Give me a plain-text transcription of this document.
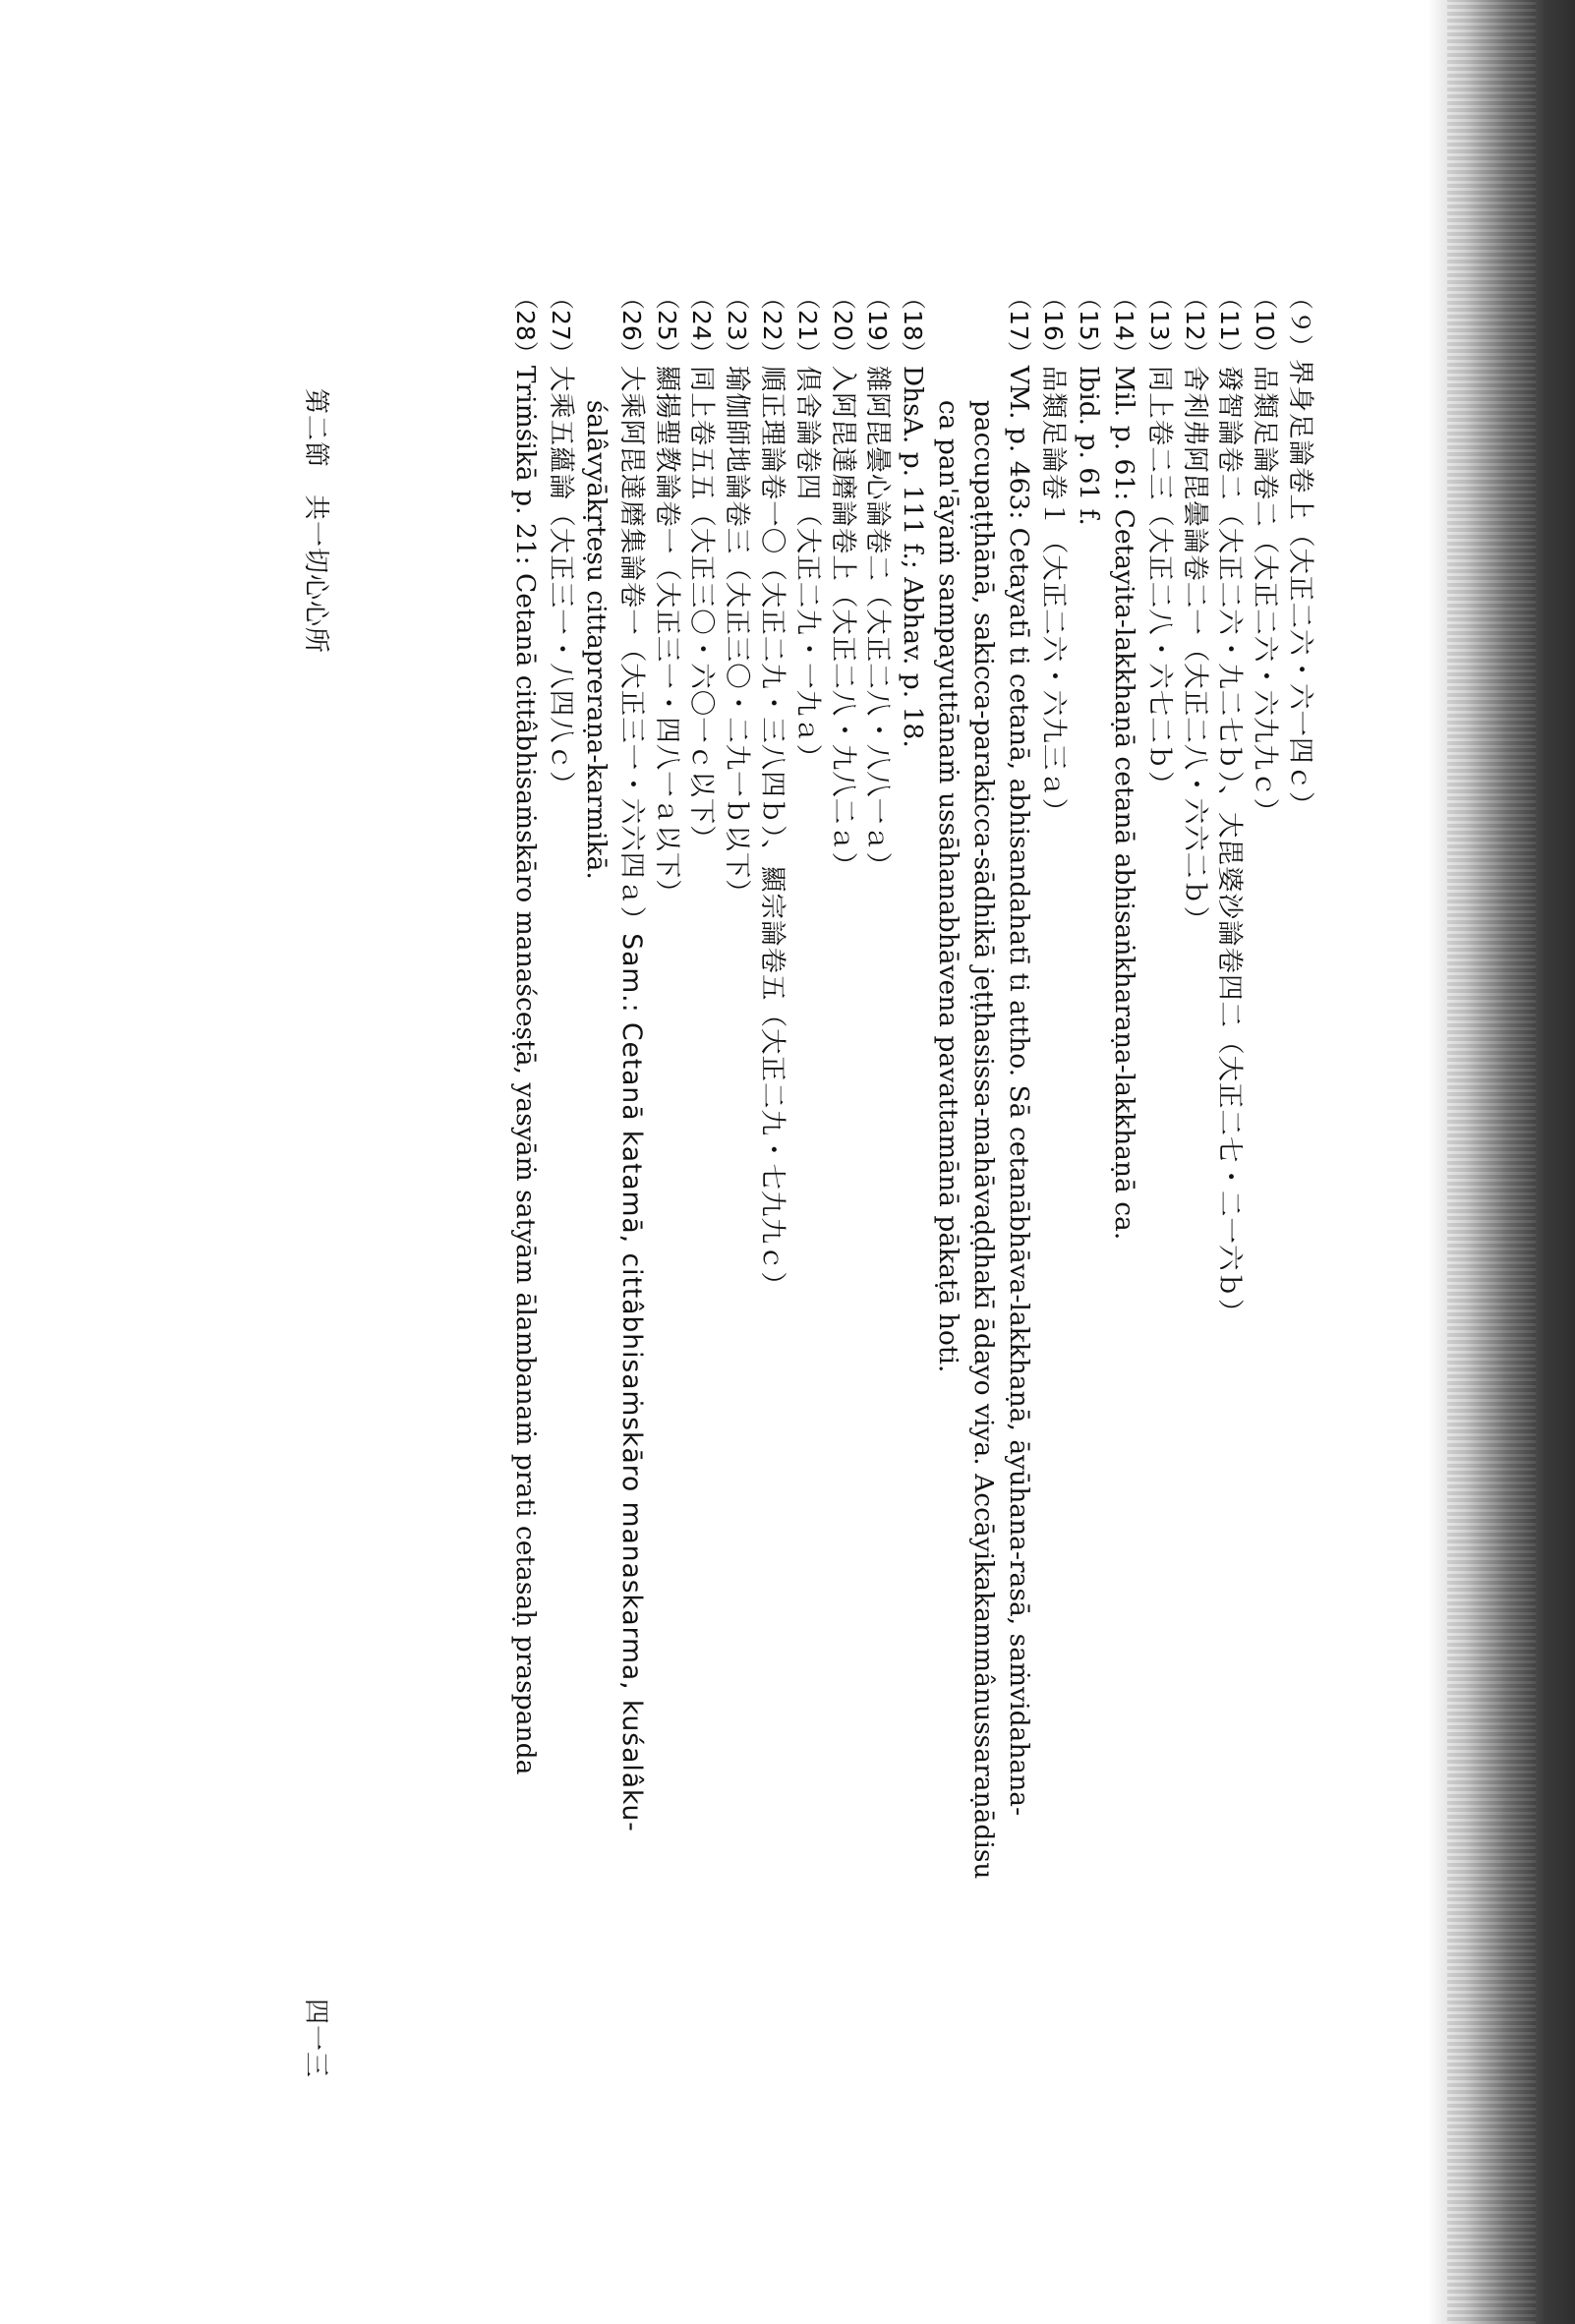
（９）
界身足論卷上（大正二六・六一四ｃ）
（10）
品類足論卷二（大正二六・六九九ｃ）
（11）
發智論卷二（大正二六・九二七ｂ）、大毘婆沙論卷四二（大正二七・二一六ｂ）
（12）
舍利弗阿毘曇論卷二一（大正二八・六六二ｂ）
（13）
同上卷二三（大正二八・六七二ｂ）
（14）
Mil. p. 61: Cetayita-lakkhaṇā cetanā abhisaṅkharaṇa-lakkhaṇā ca.
（15）
Ibid. p. 61 f.
（16）
品類足論卷１（大正二六・六九三ａ）
（17）
VM. p. 463: Cetayatī ti cetanā, abhisandahatī ti attho. Sā cetanābhāva-lakkhaṇā, āyūhana-rasā, saṁvidahana-
paccupaṭṭhānā, sakicca-parakicca-sādhikā jeṭṭhasissa-mahāvaḍḍhakī ādayo viya. Accāyikakammânussaraṇādisu
ca pan'āyaṁ sampayuttānaṁ ussāhanabhāvena pavattamānā pākaṭā hoti.
（18）
DhsA. p. 111 f.; Abhav. p. 18.
（19）
雜阿毘曇心論卷二（大正二八・八八一ａ）
（20）
入阿毘達磨論卷上（大正二八・九八二ａ）
（21）
倶舍論卷四（大正二九・一九ａ）
（22）
順正理論卷一〇（大正二九・三八四ｂ）、顯宗論卷五（大正二九・七九九ｃ）
（23）
瑜伽師地論卷三（大正三〇・二九一ｂ以下）
（24）
同上卷五五（大正三〇・六〇一ｃ以下）
（25）
顯揚聖教論卷一（大正三一・四八一ａ以下）
（26）
大乘阿毘達磨集論卷一（大正三一・六六四ａ）Sam.: Cetanā katamā, cittâbhisaṁskāro manaskarma, kuśalâku-
śalâvyākṛteṣu cittapreraṇa-karmikā.
（27）
大乘五蘊論（大正三一・八四八ｃ）
（28）
Triṁśikā p. 21: Cetanā cittâbhisaṁskāro manaśceṣṭā, yasyāṁ satyām ālambanaṁ prati cetasaḥ praspanda
第二節　共一切心心所
四一三
